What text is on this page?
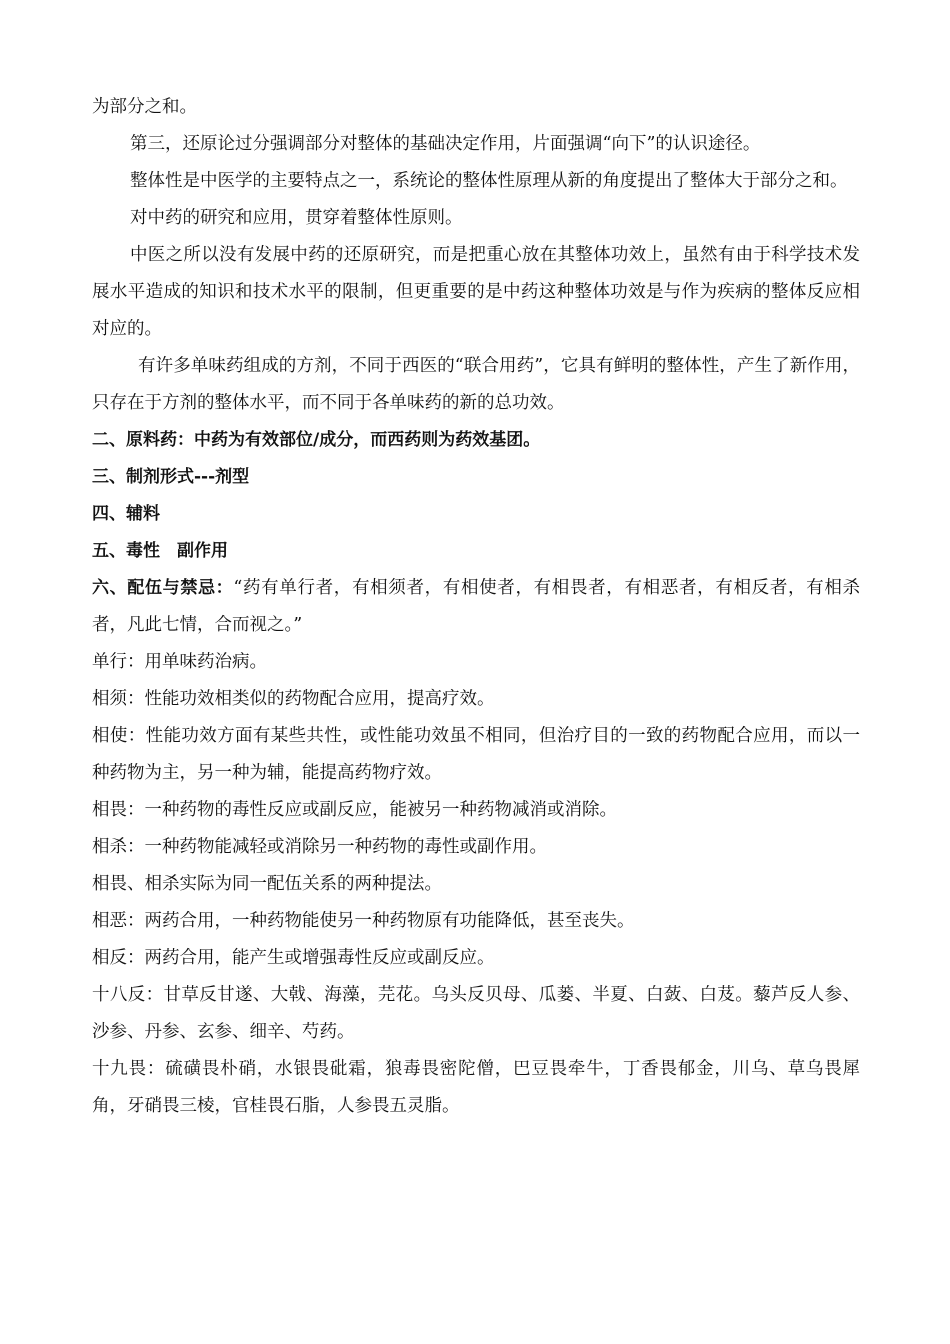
为部分之和。

第三，还原论过分强调部分对整体的基础决定作用，片面强调“向下”的认识途径。

整体性是中医学的主要特点之一，系统论的整体性原理从新的角度提出了整体大于部分之和。

对中药的研究和应用，贯穿着整体性原则。

中医之所以没有发展中药的还原研究，而是把重心放在其整体功效上，虽然有由于科学技术发展水平造成的知识和技术水平的限制，但更重要的是中药这种整体功效是与作为疾病的整体反应相对应的。

有许多单味药组成的方剂，不同于西医的“联合用药”，它具有鲜明的整体性，产生了新作用，只存在于方剂的整体水平，而不同于各单味药的新的总功效。

二、原料药：中药为有效部位/成分，而西药则为药效基团。

三、制剂形式---剂型

四、辅料

五、毒性　副作用

六、配伍与禁忌：“药有单行者，有相须者，有相使者，有相畏者，有相恶者，有相反者，有相杀者，凡此七情，合而视之。”

单行：用单味药治病。

相须：性能功效相类似的药物配合应用，提高疗效。

相使：性能功效方面有某些共性，或性能功效虽不相同，但治疗目的一致的药物配合应用，而以一种药物为主，另一种为辅，能提高药物疗效。

相畏：一种药物的毒性反应或副反应，能被另一种药物减消或消除。

相杀：一种药物能减轻或消除另一种药物的毒性或副作用。

相畏、相杀实际为同一配伍关系的两种提法。

相恶：两药合用，一种药物能使另一种药物原有功能降低，甚至丧失。

相反：两药合用，能产生或增强毒性反应或副反应。

十八反：甘草反甘遂、大戟、海藻，芫花。乌头反贝母、瓜蒌、半夏、白蔹、白芨。藜芦反人参、沙参、丹参、玄参、细辛、芍药。

十九畏：硫磺畏朴硝，水银畏砒霜，狼毒畏密陀僧，巴豆畏牵牛，丁香畏郁金，川乌、草乌畏犀角，牙硝畏三棱，官桂畏石脂，人参畏五灵脂。
